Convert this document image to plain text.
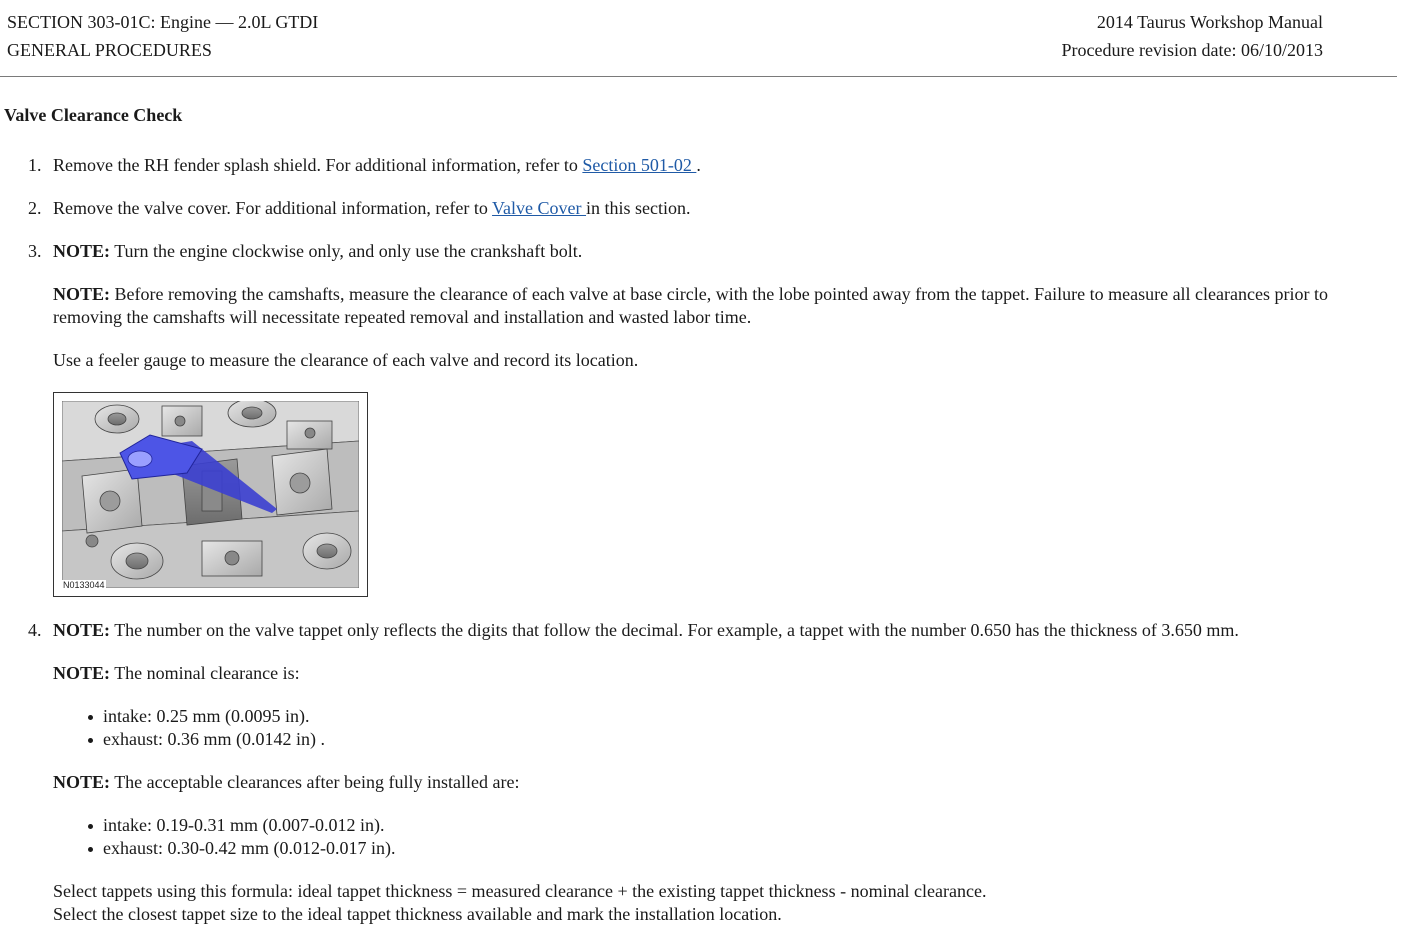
SECTION 303-01C: Engine — 2.0L GTDI
GENERAL PROCEDURES
2014 Taurus Workshop Manual
Procedure revision date: 06/10/2013
Valve Clearance Check
1. Remove the RH fender splash shield. For additional information, refer to Section 501-02 .

2. Remove the valve cover. For additional information, refer to Valve Cover in this section.

3. NOTE: Turn the engine clockwise only, and only use the crankshaft bolt.

NOTE: Before removing the camshafts, measure the clearance of each valve at base circle, with the lobe pointed away from the tappet. Failure to measure all clearances prior to removing the camshafts will necessitate repeated removal and installation and wasted labor time.

Use a feeler gauge to measure the clearance of each valve and record its location.

N0133044
4. NOTE: The number on the valve tappet only reflects the digits that follow the decimal. For example, a tappet with the number 0.650 has the thickness of 3.650 mm.

NOTE: The nominal clearance is:

intake: 0.25 mm (0.0095 in).
exhaust: 0.36 mm (0.0142 in) .

NOTE: The acceptable clearances after being fully installed are:

intake: 0.19-0.31 mm (0.007-0.012 in).
exhaust: 0.30-0.42 mm (0.012-0.017 in).

Select tappets using this formula: ideal tappet thickness = measured clearance + the existing tappet thickness - nominal clearance.
Select the closest tappet size to the ideal tappet thickness available and mark the installation location.
